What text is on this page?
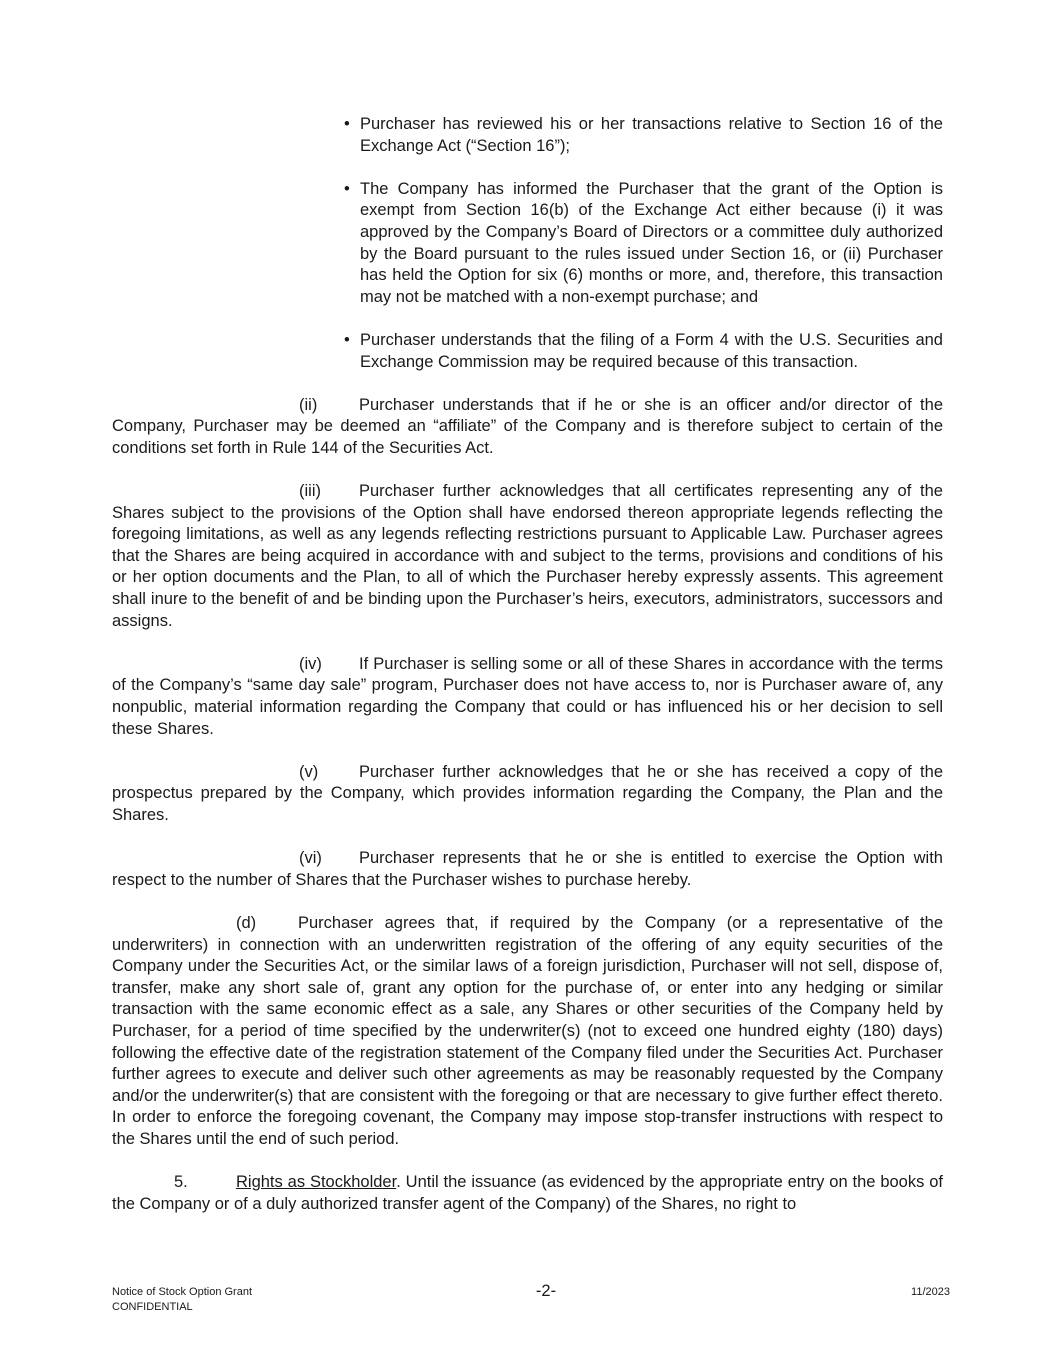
• Purchaser has reviewed his or her transactions relative to Section 16 of the Exchange Act (“Section 16”);
• The Company has informed the Purchaser that the grant of the Option is exempt from Section 16(b) of the Exchange Act either because (i) it was approved by the Company’s Board of Directors or a committee duly authorized by the Board pursuant to the rules issued under Section 16, or (ii) Purchaser has held the Option for six (6) months or more, and, therefore, this transaction may not be matched with a non-exempt purchase; and
• Purchaser understands that the filing of a Form 4 with the U.S. Securities and Exchange Commission may be required because of this transaction.

(ii)	Purchaser understands that if he or she is an officer and/or director of the Company, Purchaser may be deemed an “affiliate” of the Company and is therefore subject to certain of the conditions set forth in Rule 144 of the Securities Act.

(iii) Purchaser further acknowledges that all certificates representing any of the Shares subject to the provisions of the Option shall have endorsed thereon appropriate legends reflecting the foregoing limitations, as well as any legends reflecting restrictions pursuant to Applicable Law. Purchaser agrees that the Shares are being acquired in accordance with and subject to the terms, provisions and conditions of his or her option documents and the Plan, to all of which the Purchaser hereby expressly assents. This agreement shall inure to the benefit of and be binding upon the Purchaser’s heirs, executors, administrators, successors and assigns.

(iv) If Purchaser is selling some or all of these Shares in accordance with the terms of the Company’s “same day sale” program, Purchaser does not have access to, nor is Purchaser aware of, any nonpublic, material information regarding the Company that could or has influenced his or her decision to sell these Shares.

(v) Purchaser further acknowledges that he or she has received a copy of the prospectus prepared by the Company, which provides information regarding the Company, the Plan and the Shares.

(vi) Purchaser represents that he or she is entitled to exercise the Option with respect to the number of Shares that the Purchaser wishes to purchase hereby.

(d)	Purchaser agrees that, if required by the Company (or a representative of the underwriters) in connection with an underwritten registration of the offering of any equity securities of the Company under the Securities Act, or the similar laws of a foreign jurisdiction, Purchaser will not sell, dispose of, transfer, make any short sale of, grant any option for the purchase of, or enter into any hedging or similar transaction with the same economic effect as a sale, any Shares or other securities of the Company held by Purchaser, for a period of time specified by the underwriter(s) (not to exceed one hundred eighty (180) days) following the effective date of the registration statement of the Company filed under the Securities Act. Purchaser further agrees to execute and deliver such other agreements as may be reasonably requested by the Company and/or the underwriter(s) that are consistent with the foregoing or that are necessary to give further effect thereto. In order to enforce the foregoing covenant, the Company may impose stop-transfer instructions with respect to the Shares until the end of such period.

5.	Rights as Stockholder. Until the issuance (as evidenced by the appropriate entry on the books of the Company or of a duly authorized transfer agent of the Company) of the Shares, no right to

Notice of Stock Option Grant
CONFIDENTIAL
-2-	11/2023
